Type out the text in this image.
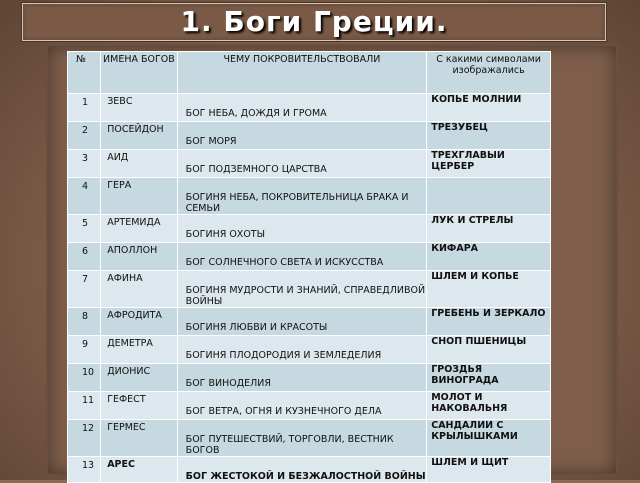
1. Боги Греции.
№	ИМЕНА БОГОВ	ЧЕМУ ПОКРОВИТЕЛЬСТВОВАЛИ	С какими символами изображались
1	ЗЕВС	БОГ НЕБА, ДОЖДЯ И ГРОМА	КОПЬЕ МОЛНИИ
2	ПОСЕЙДОН	БОГ МОРЯ	ТРЕЗУБЕЦ
3	АИД	БОГ ПОДЗЕМНОГО ЦАРСТВА	ТРЕХГЛАВЫЙ ЦЕРБЕР
4	ГЕРА	БОГИНЯ НЕБА, ПОКРОВИТЕЛЬНИЦА БРАКА И СЕМЬИ	
5	АРТЕМИДА	БОГИНЯ ОХОТЫ	ЛУК И СТРЕЛЫ
6	АПОЛЛОН	БОГ СОЛНЕЧНОГО СВЕТА И ИСКУССТВА	КИФАРА
7	АФИНА	БОГИНЯ МУДРОСТИ И ЗНАНИЙ, СПРАВЕДЛИВОЙ ВОЙНЫ	ШЛЕМ И КОПЬЕ
8	АФРОДИТА	БОГИНЯ ЛЮБВИ И КРАСОТЫ	ГРЕБЕНЬ И ЗЕРКАЛО
9	ДЕМЕТРА	БОГИНЯ ПЛОДОРОДИЯ И ЗЕМЛЕДЕЛИЯ	СНОП ПШЕНИЦЫ
10	ДИОНИС	БОГ ВИНОДЕЛИЯ	ГРОЗДЬЯ ВИНОГРАДА
11	ГЕФЕСТ	БОГ ВЕТРА, ОГНЯ И КУЗНЕЧНОГО ДЕЛА	МОЛОТ И НАКОВАЛЬНЯ
12	ГЕРМЕС	БОГ ПУТЕШЕСТВИЙ, ТОРГОВЛИ, ВЕСТНИК БОГОВ	САНДАЛИИ С КРЫЛЫШКАМИ
13	АРЕС	БОГ ЖЕСТОКОЙ И БЕЗЖАЛОСТНОЙ ВОЙНЫ	ШЛЕМ И ЩИТ
